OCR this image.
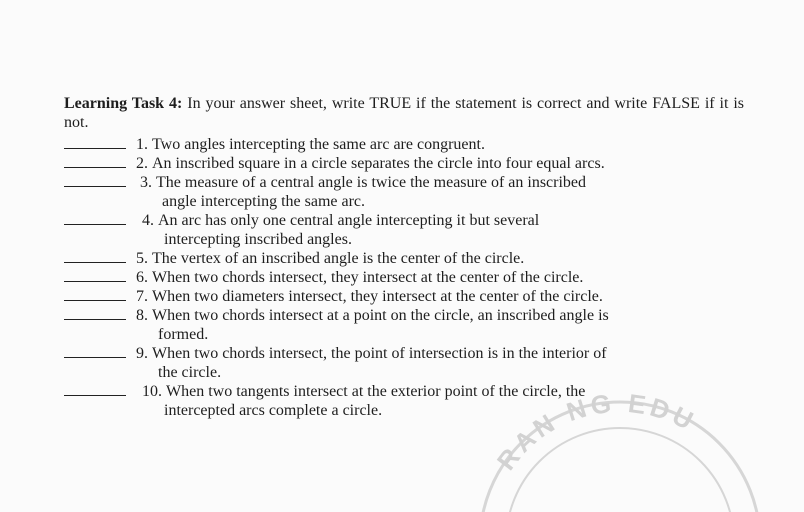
Learning Task 4: In your answer sheet, write TRUE if the statement is correct and write FALSE if it is not.
1. Two angles intercepting the same arc are congruent.
2. An inscribed square in a circle separates the circle into four equal arcs.
3. The measure of a central angle is twice the measure of an inscribed
angle intercepting the same arc.
4. An arc has only one central angle intercepting it but several
intercepting inscribed angles.
5. The vertex of an inscribed angle is the center of the circle.
6. When two chords intersect, they intersect at the center of the circle.
7. When two diameters intersect, they intersect at the center of the circle.
8. When two chords intersect at a point on the circle, an inscribed angle is
formed.
9. When two chords intersect, the point of intersection is in the interior of
the circle.
10. When two tangents intersect at the exterior point of the circle, the
intercepted arcs complete a circle.
RAN NG EDU
